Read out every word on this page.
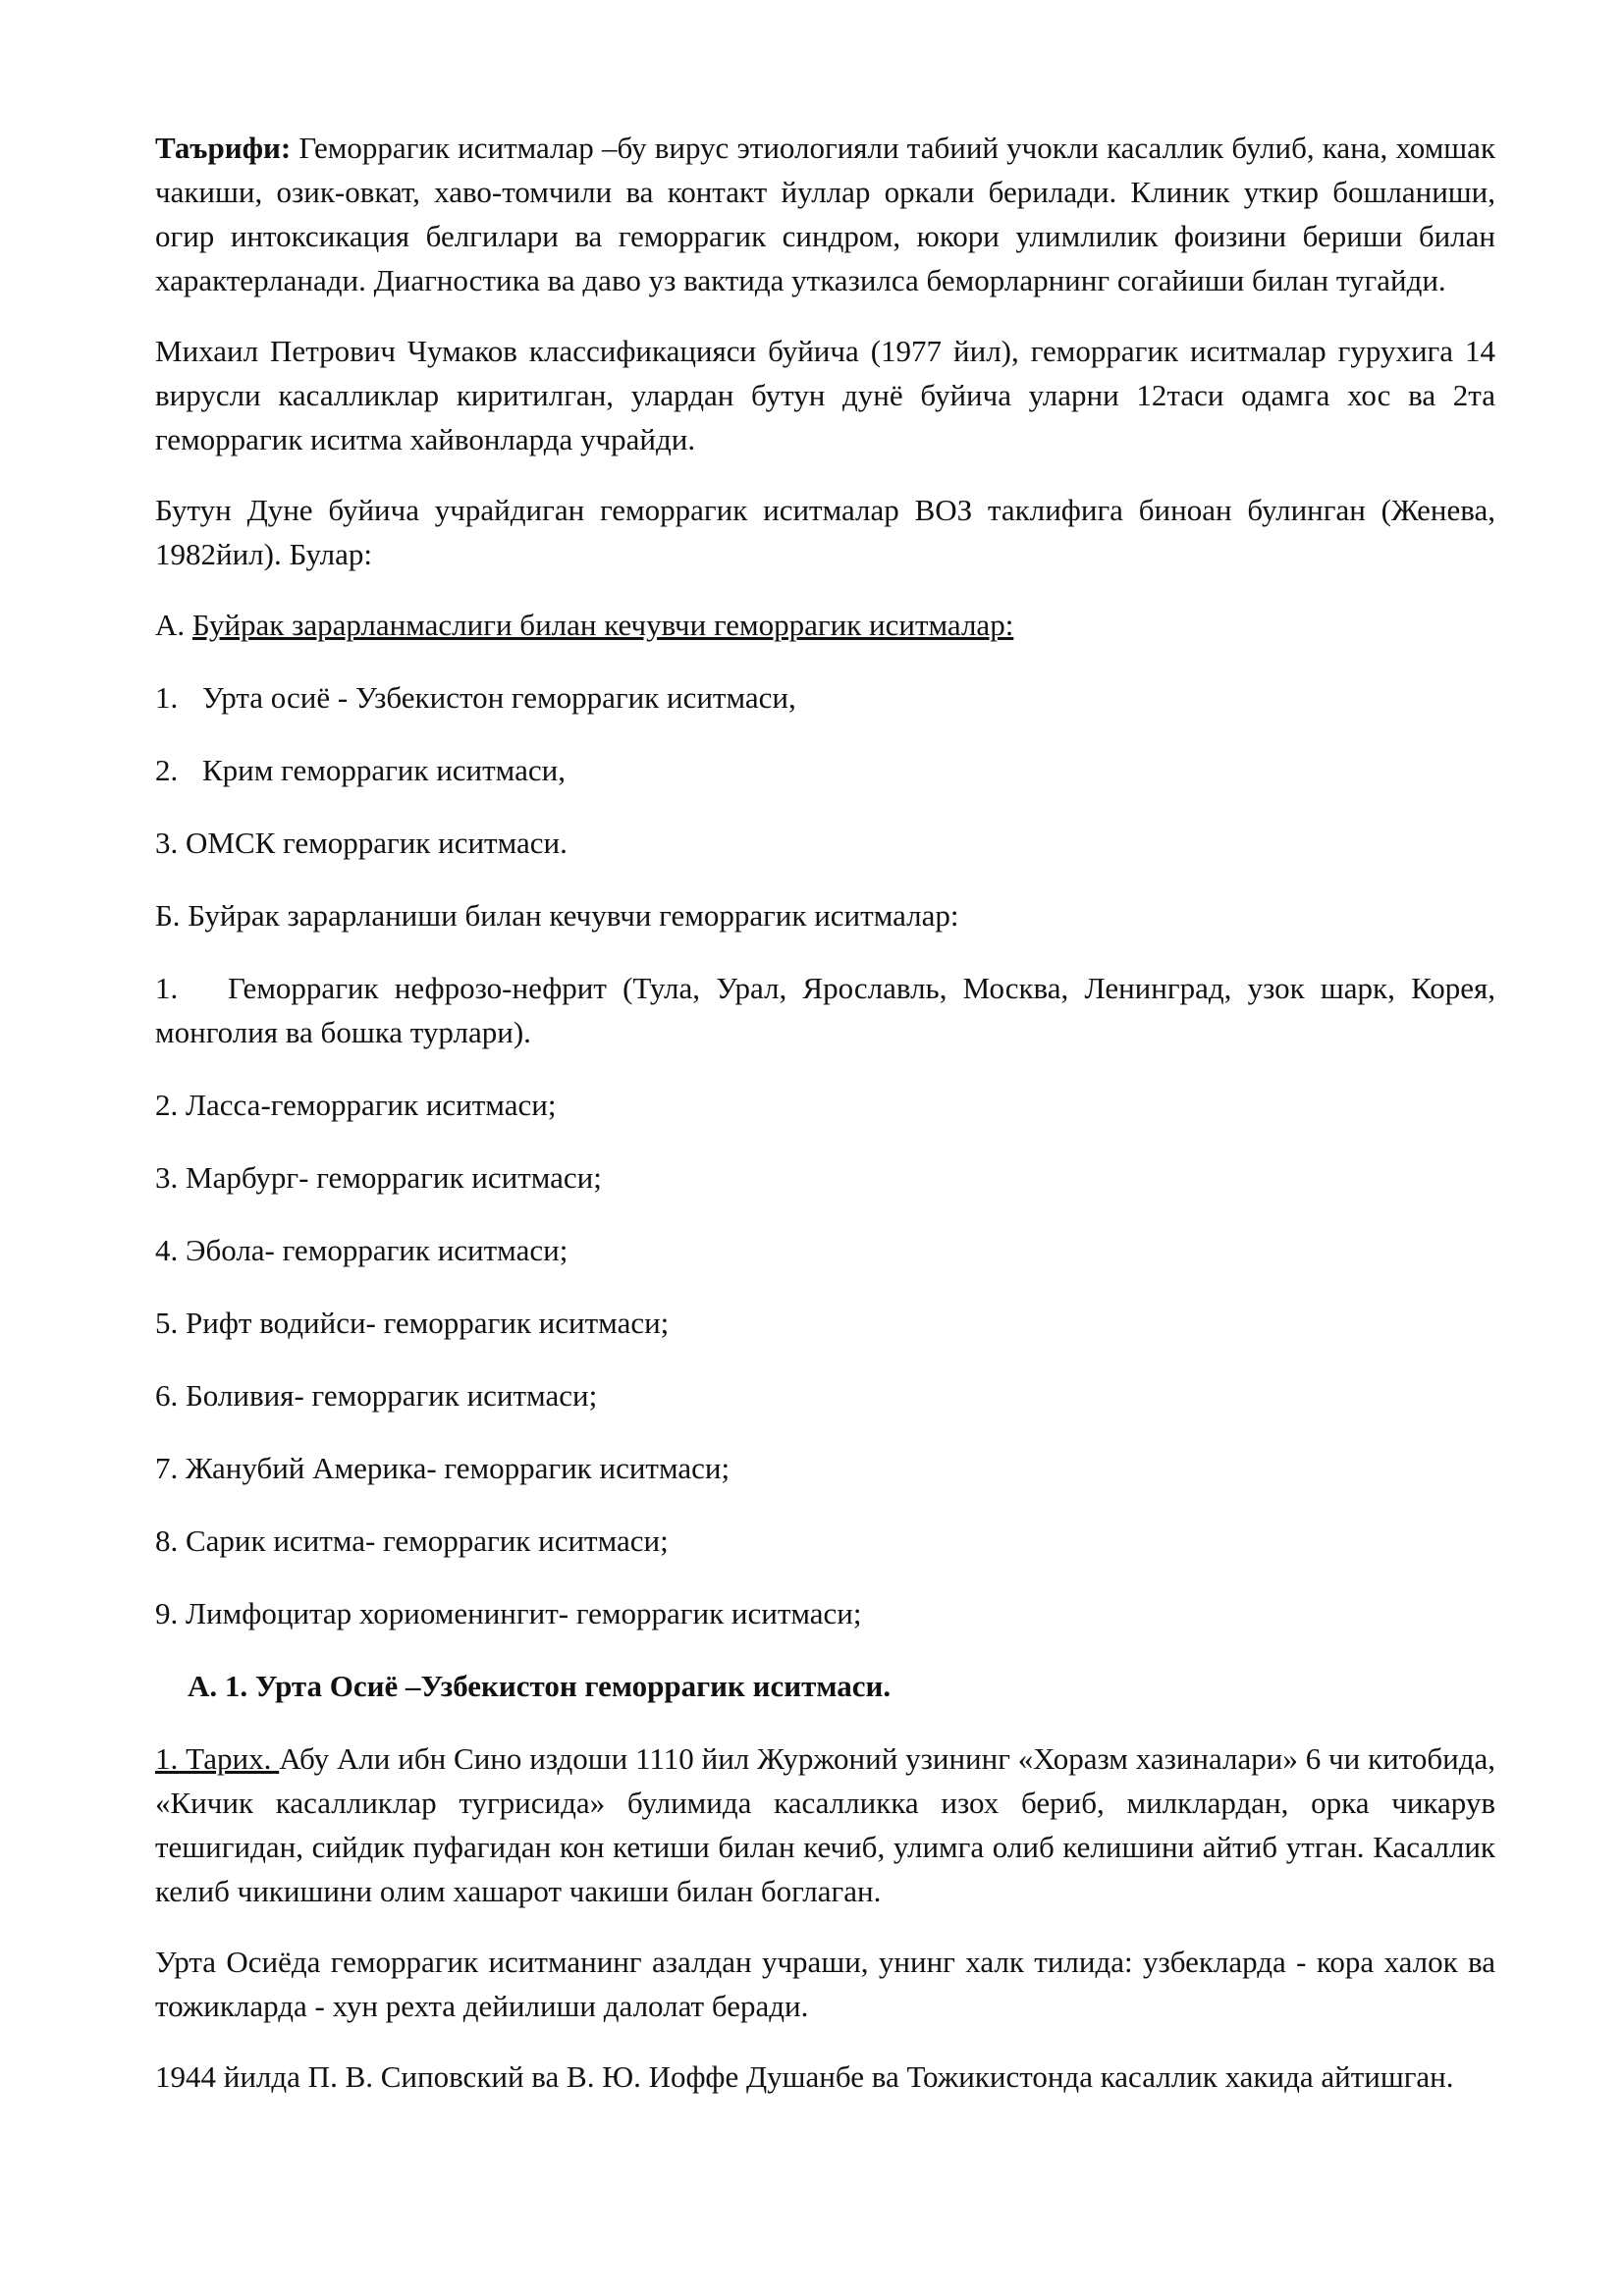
Таърифи: Геморрагик иситмалар –бу вирус этиологияли табиий учокли касаллик булиб, кана, хомшак чакиши, озик-овкат, хаво-томчили ва контакт йуллар оркали берилади. Клиник уткир бошланиши, огир интоксикация белгилари ва геморрагик синдром, юкори улимлилик фоизини бериши билан характерланади. Диагностика ва даво уз вактида утказилса беморларнинг согайиши билан тугайди.

Михаил Петрович Чумаков классификацияси буйича (1977 йил), геморрагик иситмалар гурухига 14 вирусли касалликлар киритилган, улардан бутун дунё буйича уларни 12таси одамга хос ва 2та геморрагик иситма хайвонларда учрайди.

Бутун Дуне буйича учрайдиган геморрагик иситмалар ВОЗ таклифига биноан булинган (Женева, 1982йил). Булар:

А. Буйрак зарарланмаслиги билан кечувчи геморрагик иситмалар:

1. Урта осиё - Узбекистон геморрагик иситмаси,

2. Крим геморрагик иситмаси,

3. ОМСК геморрагик иситмаси.

Б. Буйрак зарарланиши билан кечувчи геморрагик иситмалар:

1. Геморрагик нефрозо-нефрит (Тула, Урал, Ярославль, Москва, Ленинград, узок шарк, Корея, монголия ва бошка турлари).

2. Ласса-геморрагик иситмаси;

3. Марбург- геморрагик иситмаси;

4. Эбола- геморрагик иситмаси;

5. Рифт водийси- геморрагик иситмаси;

6. Боливия- геморрагик иситмаси;

7. Жанубий Америка- геморрагик иситмаси;

8. Сарик иситма- геморрагик иситмаси;

9. Лимфоцитар хориоменингит- геморрагик иситмаси;

А. 1. Урта Осиё –Узбекистон геморрагик иситмаси.

1. Тарих. Абу Али ибн Сино издоши 1110 йил Журжоний узининг «Хоразм хазиналари» 6 чи китобида, «Кичик касалликлар тугрисида» булимида касалликка изох бериб, милклардан, орка чикарув тешигидан, сийдик пуфагидан кон кетиши билан кечиб, улимга олиб келишини айтиб утган. Касаллик келиб чикишини олим хашарот чакиши билан боглаган.

Урта Осиёда геморрагик иситманинг азалдан учраши, унинг халк тилида: узбекларда - кора халок ва тожикларда - хун рехта дейилиши далолат беради.

1944 йилда П. В. Сиповский ва В. Ю. Иоффе Душанбе ва Тожикистонда касаллик хакида айтишган.
